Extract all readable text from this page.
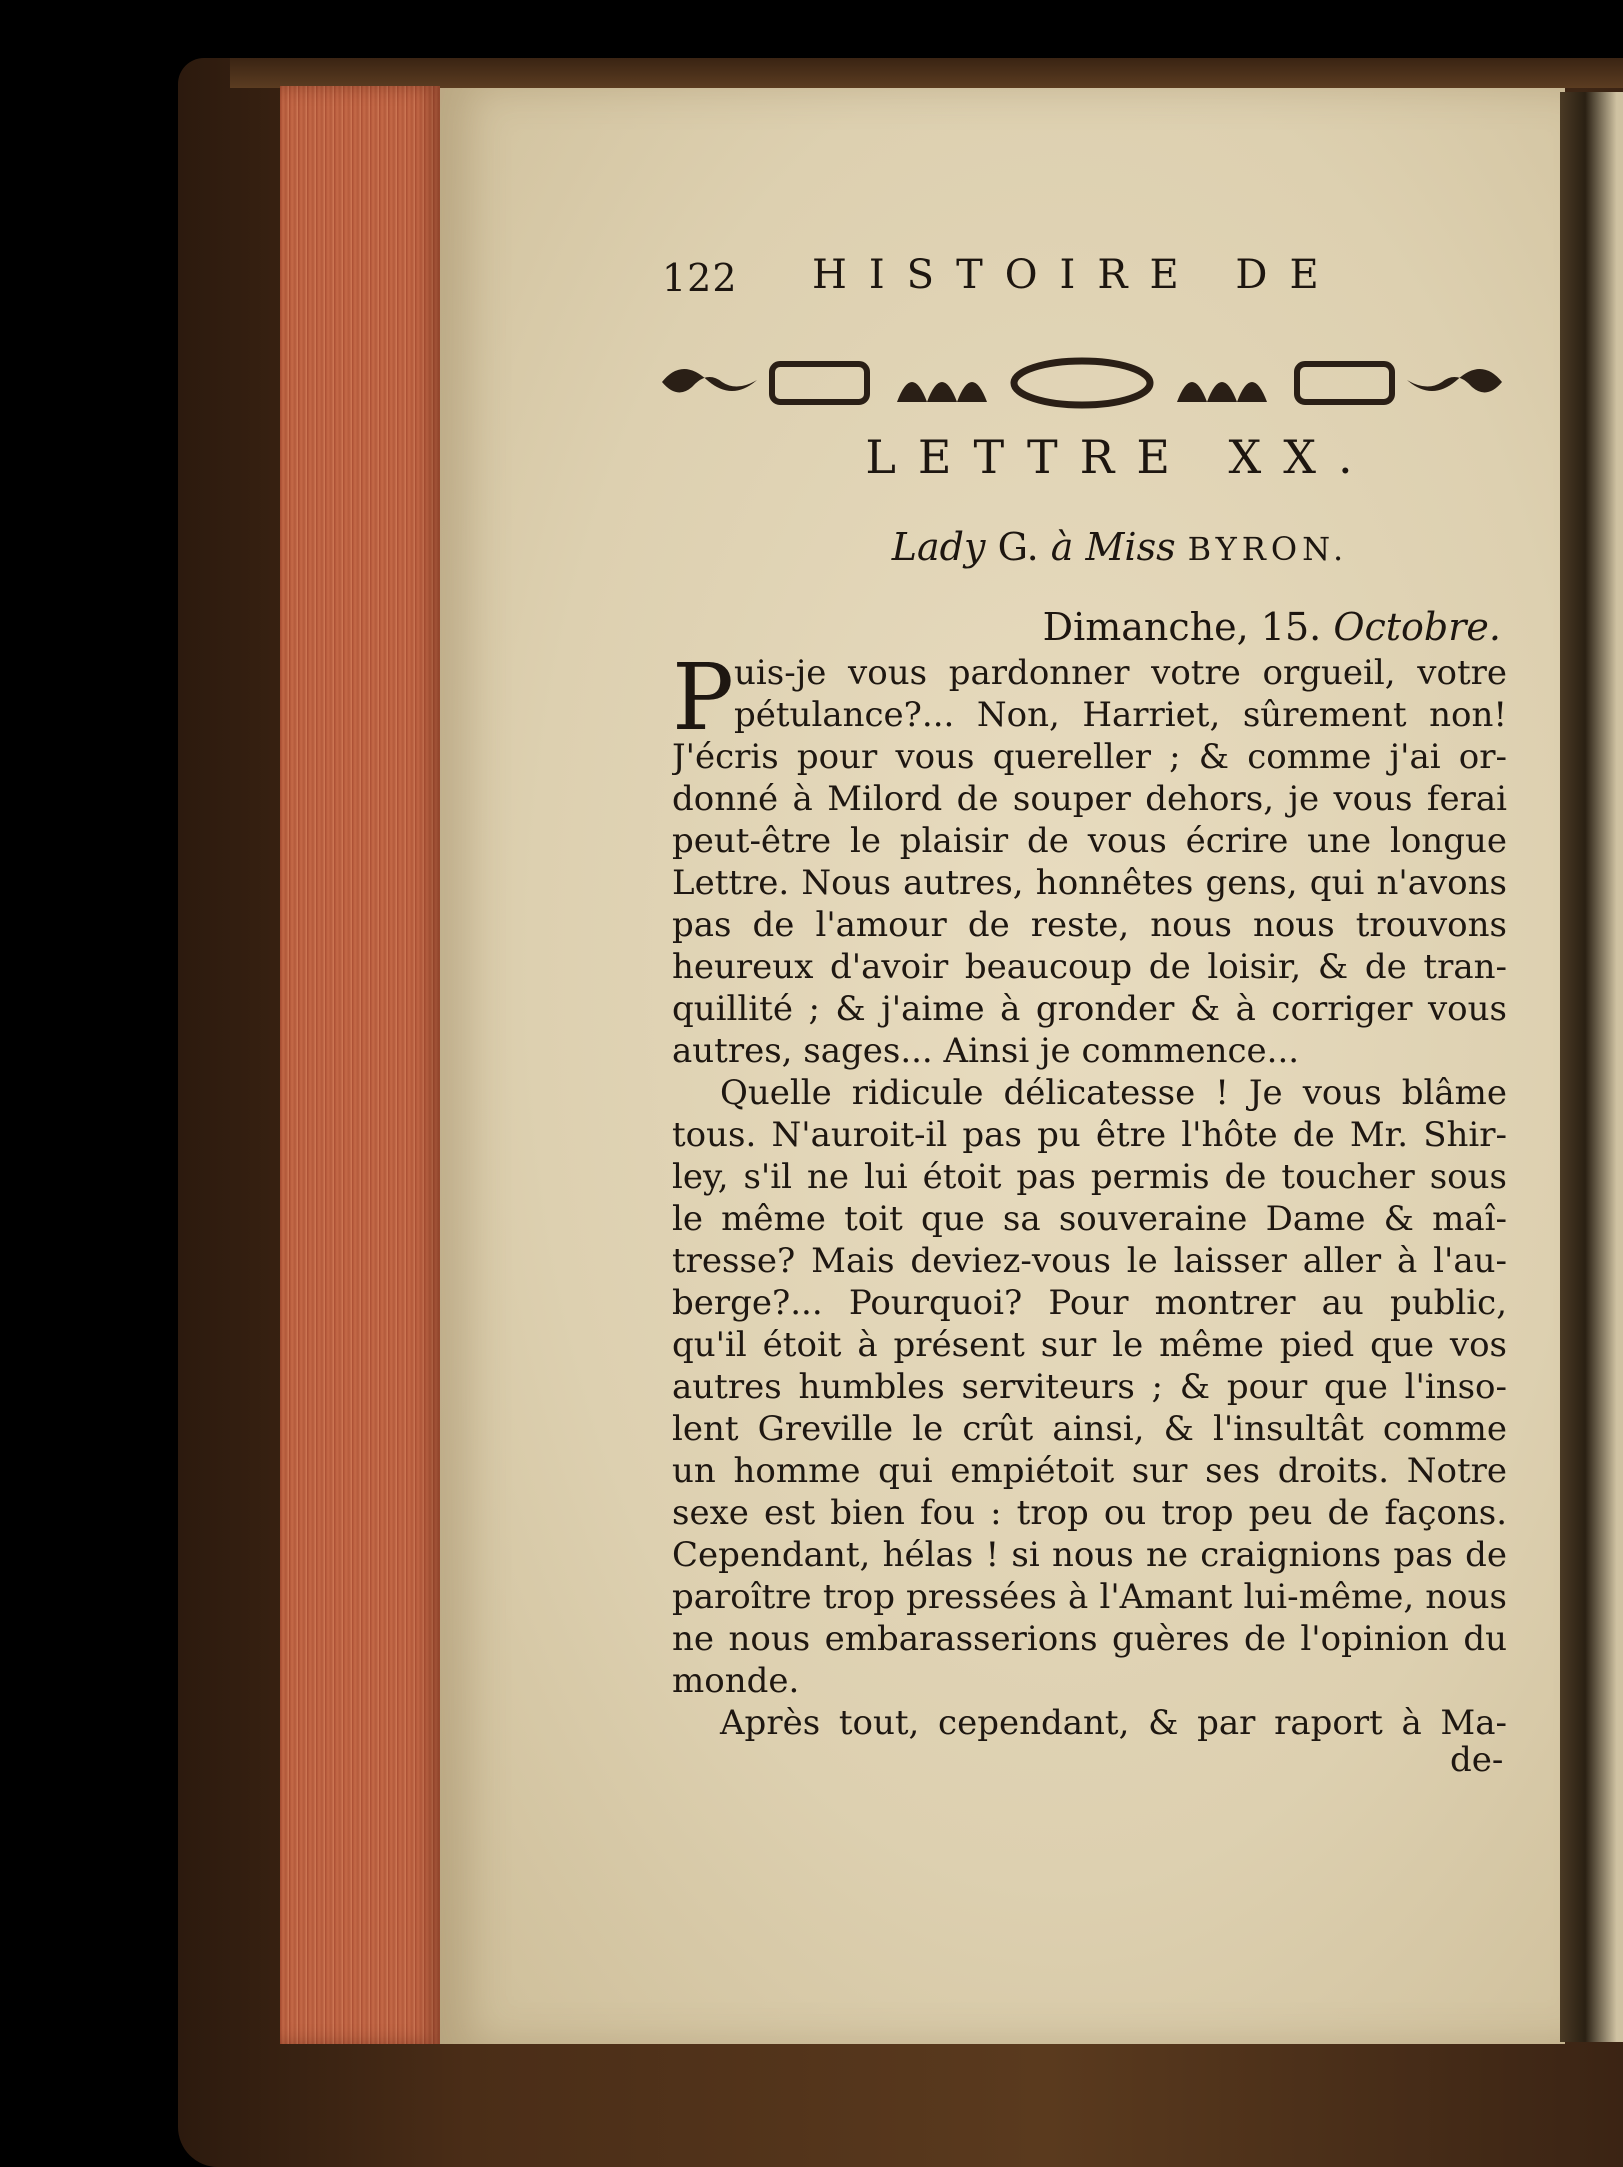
122 HISTOIRE DE
LETTRE XX.
Lady G. à Miss BYRON.
Dimanche, 15. Octobre.
P uis-je vous pardonner votre orgueil, votre
pétulance?... Non, Harriet, sûrement non!
J'écris pour vous quereller ; & comme j'ai or-
donné à Milord de souper dehors, je vous ferai
peut-être le plaisir de vous écrire une longue
Lettre. Nous autres, honnêtes gens, qui n'avons
pas de l'amour de reste, nous nous trouvons
heureux d'avoir beaucoup de loisir, & de tran-
quillité ; & j'aime à gronder & à corriger vous
autres, sages... Ainsi je commence...
Quelle ridicule délicatesse ! Je vous blâme
tous. N'auroit-il pas pu être l'hôte de Mr. Shir-
ley, s'il ne lui étoit pas permis de toucher sous
le même toit que sa souveraine Dame & maî-
tresse? Mais deviez-vous le laisser aller à l'au-
berge?... Pourquoi? Pour montrer au public,
qu'il étoit à présent sur le même pied que vos
autres humbles serviteurs ; & pour que l'inso-
lent Greville le crût ainsi, & l'insultât comme
un homme qui empiétoit sur ses droits. Notre
sexe est bien fou : trop ou trop peu de façons.
Cependant, hélas ! si nous ne craignions pas de
paroître trop pressées à l'Amant lui-même, nous
ne nous embarasserions guères de l'opinion du
monde.
Après tout, cependant, & par raport à Ma-
de-
